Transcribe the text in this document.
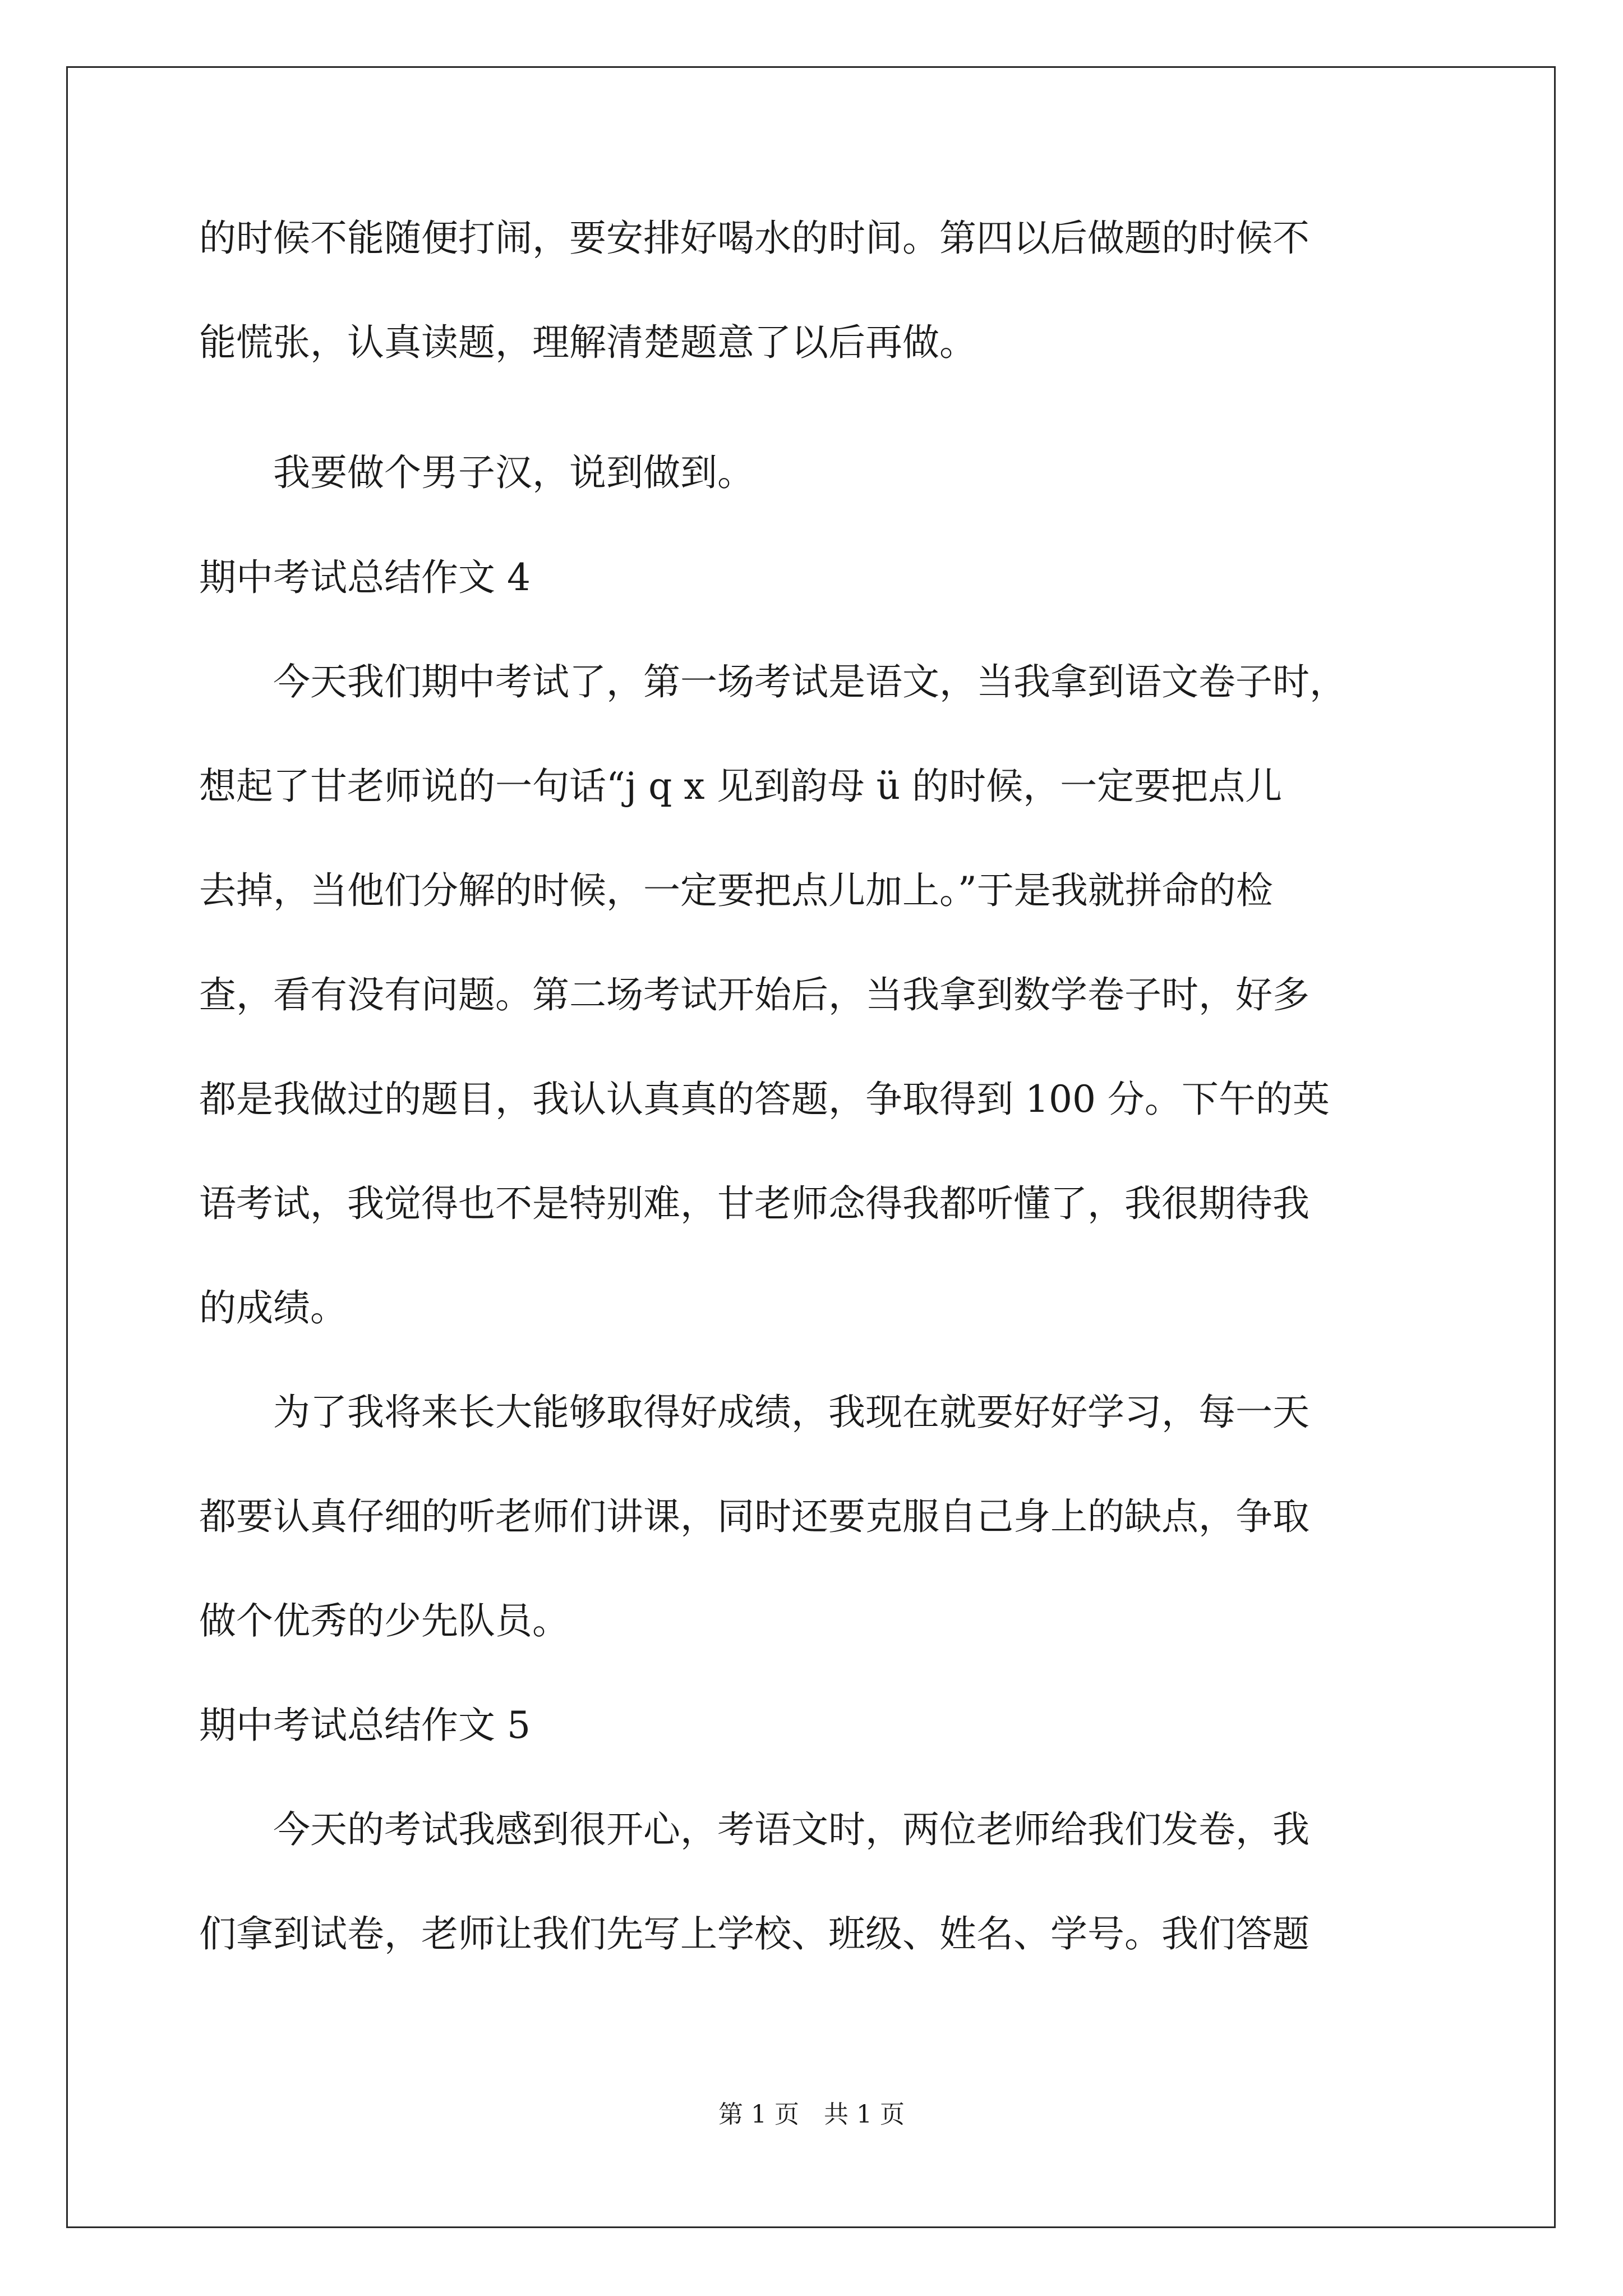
的时候不能随便打闹，要安排好喝水的时间。第四以后做题的时候不
能慌张，认真读题，理解清楚题意了以后再做。
　　我要做个男子汉，说到做到。
期中考试总结作文 4
　　今天我们期中考试了，第一场考试是语文，当我拿到语文卷子时，
想起了甘老师说的一句话“j q x 见到韵母 ü 的时候，一定要把点儿
去掉，当他们分解的时候，一定要把点儿加上。”于是我就拼命的检
查，看有没有问题。第二场考试开始后，当我拿到数学卷子时，好多
都是我做过的题目，我认认真真的答题，争取得到 100 分。下午的英
语考试，我觉得也不是特别难，甘老师念得我都听懂了，我很期待我
的成绩。
　　为了我将来长大能够取得好成绩，我现在就要好好学习，每一天
都要认真仔细的听老师们讲课，同时还要克服自己身上的缺点，争取
做个优秀的少先队员。
期中考试总结作文 5
　　今天的考试我感到很开心，考语文时，两位老师给我们发卷，我
们拿到试卷，老师让我们先写上学校、班级、姓名、学号。我们答题
第 1 页　共 1 页
